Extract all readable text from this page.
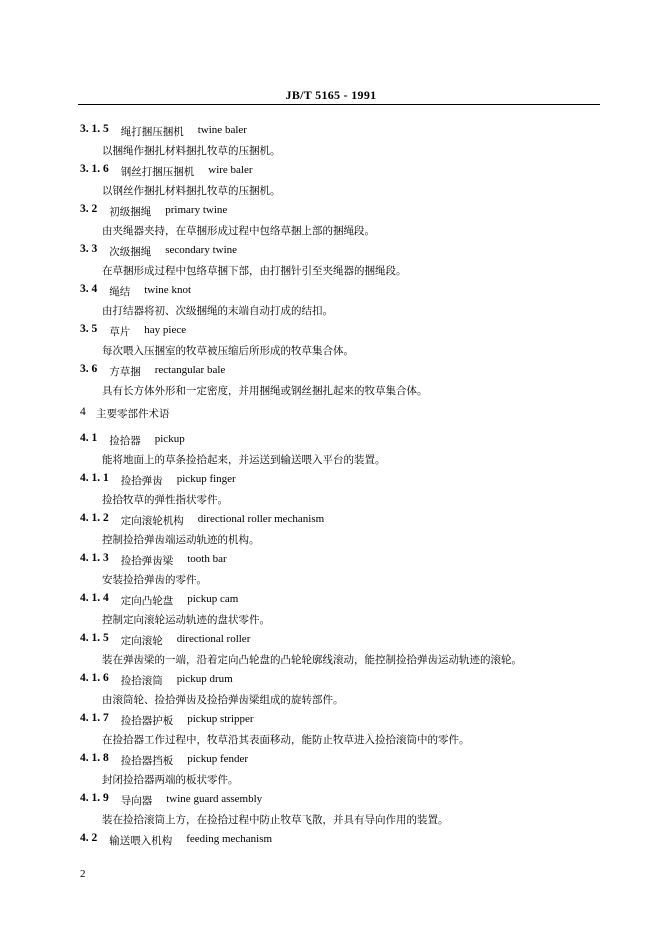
JB/T 5165 - 1991
2
3. 1. 5 绳打捆压捆机 twine baler
以捆绳作捆扎材料捆扎牧草的压捆机。
3. 1. 6 钢丝打捆压捆机 wire baler
以钢丝作捆扎材料捆扎牧草的压捆机。
3. 2 初级捆绳 primary twine
由夹绳器夹持，在草捆形成过程中包络草捆上部的捆绳段。
3. 3 次级捆绳 secondary twine
在草捆形成过程中包络草捆下部，由打捆针引至夹绳器的捆绳段。
3. 4 绳结 twine knot
由打结器将初、次级捆绳的末端自动打成的结扣。
3. 5 草片 hay piece
每次喂入压捆室的牧草被压缩后所形成的牧草集合体。
3. 6 方草捆 rectangular bale
具有长方体外形和一定密度，并用捆绳或钢丝捆扎起来的牧草集合体。
4 主要零部件术语
4. 1 捡拾器 pickup
能将地面上的草条捡拾起来，并运送到输送喂入平台的装置。
4. 1. 1 捡拾弹齿 pickup finger
捡拾牧草的弹性指状零件。
4. 1. 2 定向滚轮机构 directional roller mechanism
控制捡拾弹齿端运动轨迹的机构。
4. 1. 3 捡拾弹齿梁 tooth bar
安装捡拾弹齿的零件。
4. 1. 4 定向凸轮盘 pickup cam
控制定向滚轮运动轨迹的盘状零件。
4. 1. 5 定向滚轮 directional roller
装在弹齿梁的一端，沿着定向凸轮盘的凸轮轮廓线滚动，能控制捡拾弹齿运动轨迹的滚轮。
4. 1. 6 捡拾滚筒 pickup drum
由滚筒轮、捡拾弹齿及捡拾弹齿梁组成的旋转部件。
4. 1. 7 捡拾器护板 pickup stripper
在捡拾器工作过程中，牧草沿其表面移动，能防止牧草进入捡拾滚筒中的零件。
4. 1. 8 捡拾器挡板 pickup fender
封闭捡拾器两端的板状零件。
4. 1. 9 导向器 twine guard assembly
装在捡拾滚筒上方，在捡拾过程中防止牧草飞散，并具有导向作用的装置。
4. 2 输送喂入机构 feeding mechanism
